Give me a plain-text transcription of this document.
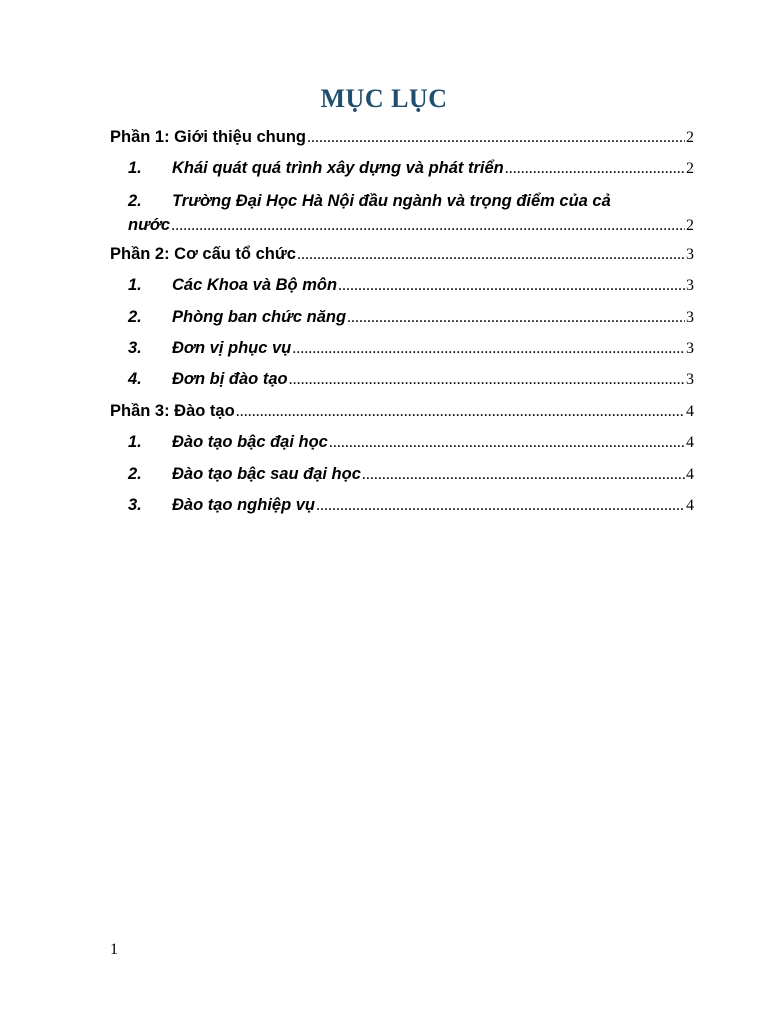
MỤC LỤC
Phần 1: Giới thiệu chung .....	2
1.	Khái quát quá trình xây dựng và phát triển .....	2
2.	Trường Đại Học Hà Nội đầu ngành và trọng điểm của cả
nước .....	2
Phần 2: Cơ cấu tổ chức .....	3
1.	Các Khoa và Bộ môn .....	3
2.	Phòng ban chức năng .....	3
3.	Đơn vị phục vụ .....	3
4.	Đơn bị đào tạo .....	3
Phần 3: Đào tạo .....	4
1.	Đào tạo bậc đại học .....	4
2.	Đào tạo bậc sau đại học .....	4
3.	Đào tạo nghiệp vụ .....	4
1
